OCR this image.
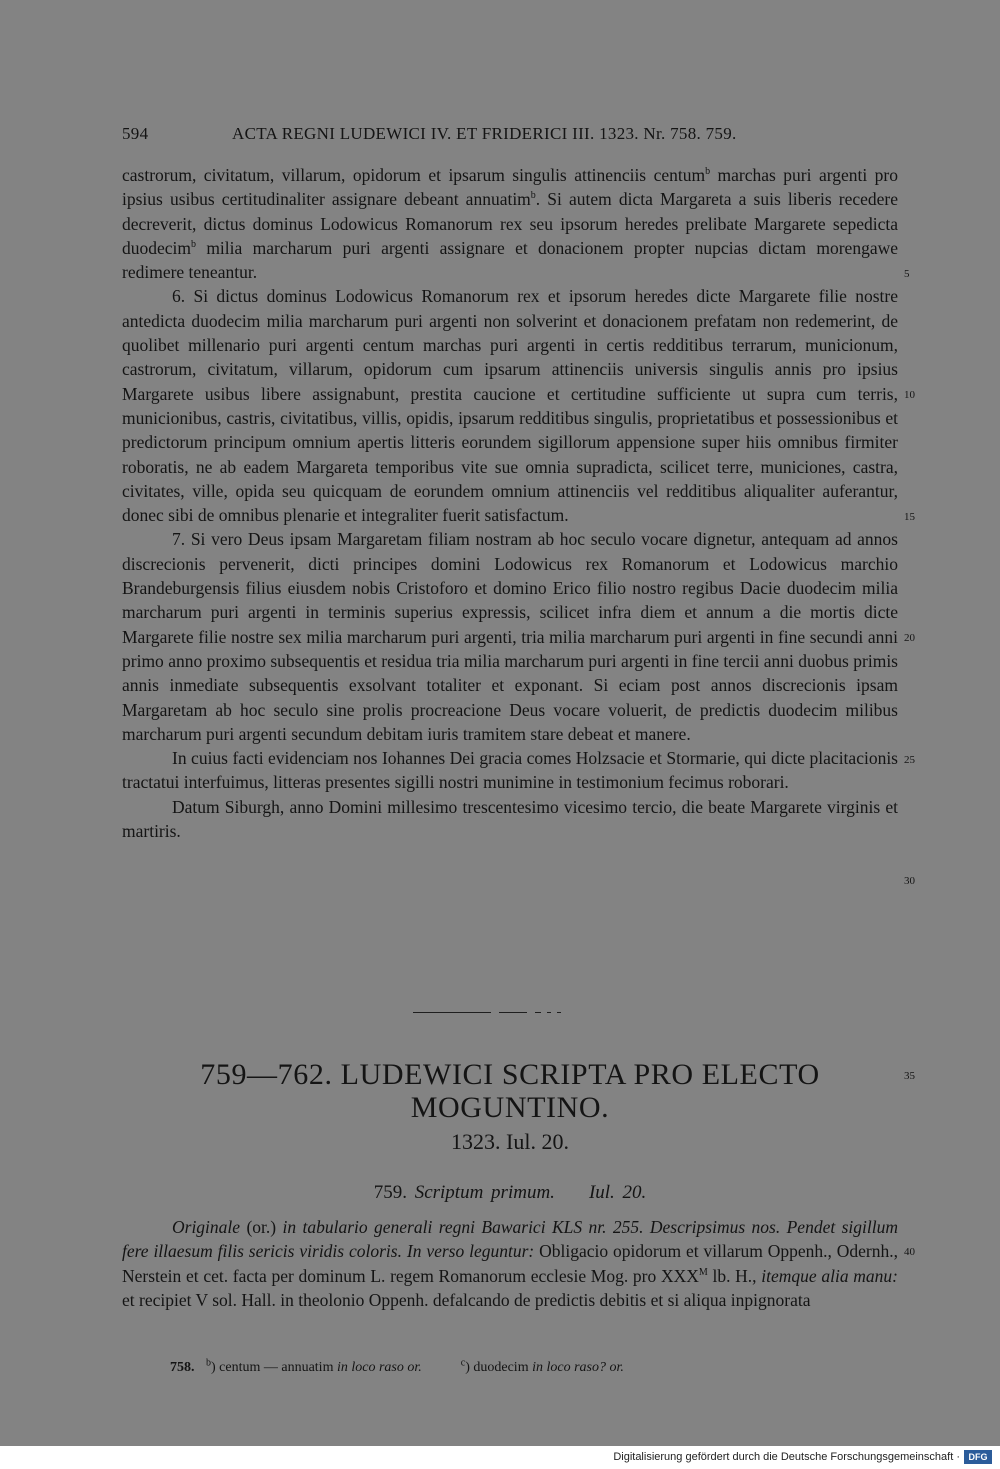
594	ACTA REGNI LUDEWICI IV. ET FRIDERICI III. 1323. Nr. 758. 759.

castrorum, civitatum, villarum, opidorum et ipsarum singulis attinenciis centum$^b$ marchas puri argenti pro ipsius usibus certitudinaliter assignare debeant annuatim$^b$. Si autem dicta Margareta a suis liberis recedere decreverit, dictus dominus Lodowicus Romanorum rex seu ipsorum heredes prelibate Margarete sepedicta duodecim$^b$ milia marcharum puri argenti assignare et donacionem propter nupcias dictam morengawe redimere teneantur.

6. Si dictus dominus Lodowicus Romanorum rex et ipsorum heredes dicte Margarete filie nostre antedicta duodecim milia marcharum puri argenti non solverint et donacionem prefatam non redemerint, de quolibet millenario puri argenti centum marchas puri argenti in certis redditibus terrarum, municionum, castrorum, civitatum, villarum, opidorum cum ipsarum attinenciis universis singulis annis pro ipsius Margarete usibus libere assignabunt, prestita caucione et certitudine sufficiente ut supra cum terris, municionibus, castris, civitatibus, villis, opidis, ipsarum redditibus singulis, proprietatibus et possessionibus et predictorum principum omnium apertis litteris eorundem sigillorum appensione super hiis omnibus firmiter roboratis, ne ab eadem Margareta temporibus vite sue omnia supradicta, scilicet terre, municiones, castra, civitates, ville, opida seu quicquam de eorundem omnium attinenciis vel redditibus aliqualiter auferantur, donec sibi de omnibus plenarie et integraliter fuerit satisfactum.

7. Si vero Deus ipsam Margaretam filiam nostram ab hoc seculo vocare dignetur, antequam ad annos discrecionis pervenerit, dicti principes domini Lodowicus rex Romanorum et Lodowicus marchio Brandeburgensis filius eiusdem nobis Cristoforo et domino Erico filio nostro regibus Dacie duodecim milia marcharum puri argenti in terminis superius expressis, scilicet infra diem et annum a die mortis dicte Margarete filie nostre sex milia marcharum puri argenti, tria milia marcharum puri argenti in fine secundi anni primo anno proximo subsequentis et residua tria milia marcharum puri argenti in fine tercii anni duobus primis annis inmediate subsequentis exsolvant totaliter et exponant. Si eciam post annos discrecionis ipsam Margaretam ab hoc seculo sine prolis procreacione Deus vocare voluerit, de predictis duodecim milibus marcharum puri argenti secundum debitam iuris tramitem stare debeat et manere.

In cuius facti evidenciam nos Iohannes Dei gracia comes Holzsacie et Stormarie, qui dicte placitacionis tractatui interfuimus, litteras presentes sigilli nostri munimine in testimonium fecimus roborari.

Datum Siburgh, anno Domini millesimo trescentesimo vicesimo tercio, die beate Margarete virginis et martiris.

5
10
15
20
25
30
35
40
759—762. LUDEWICI SCRIPTA PRO ELECTO
MOGUNTINO.
1323. Iul. 20.
759. Scriptum primum. Iul. 20.

Originale (or.) in tabulario generali regni Bawarici KLS nr. 255. Descripsimus nos. Pendet sigillum fere illaesum filis sericis viridis coloris. In verso leguntur: Obligacio opidorum et villarum Oppenh., Odernh., Nerstein et cet. facta per dominum L. regem Romanorum ecclesie Mog. pro $XXX^M$ lb. H., itemque alia manu: et recipiet V sol. Hall. in theolonio Oppenh. defalcando de predictis debitis et si aliqua inpignorata

758. $^b$) centum — annuatim in loco raso or.	$^c$) duodecim in loco raso? or.
Digitalisierung gefördert durch die Deutsche Forschungsgemeinschaft · DFG
